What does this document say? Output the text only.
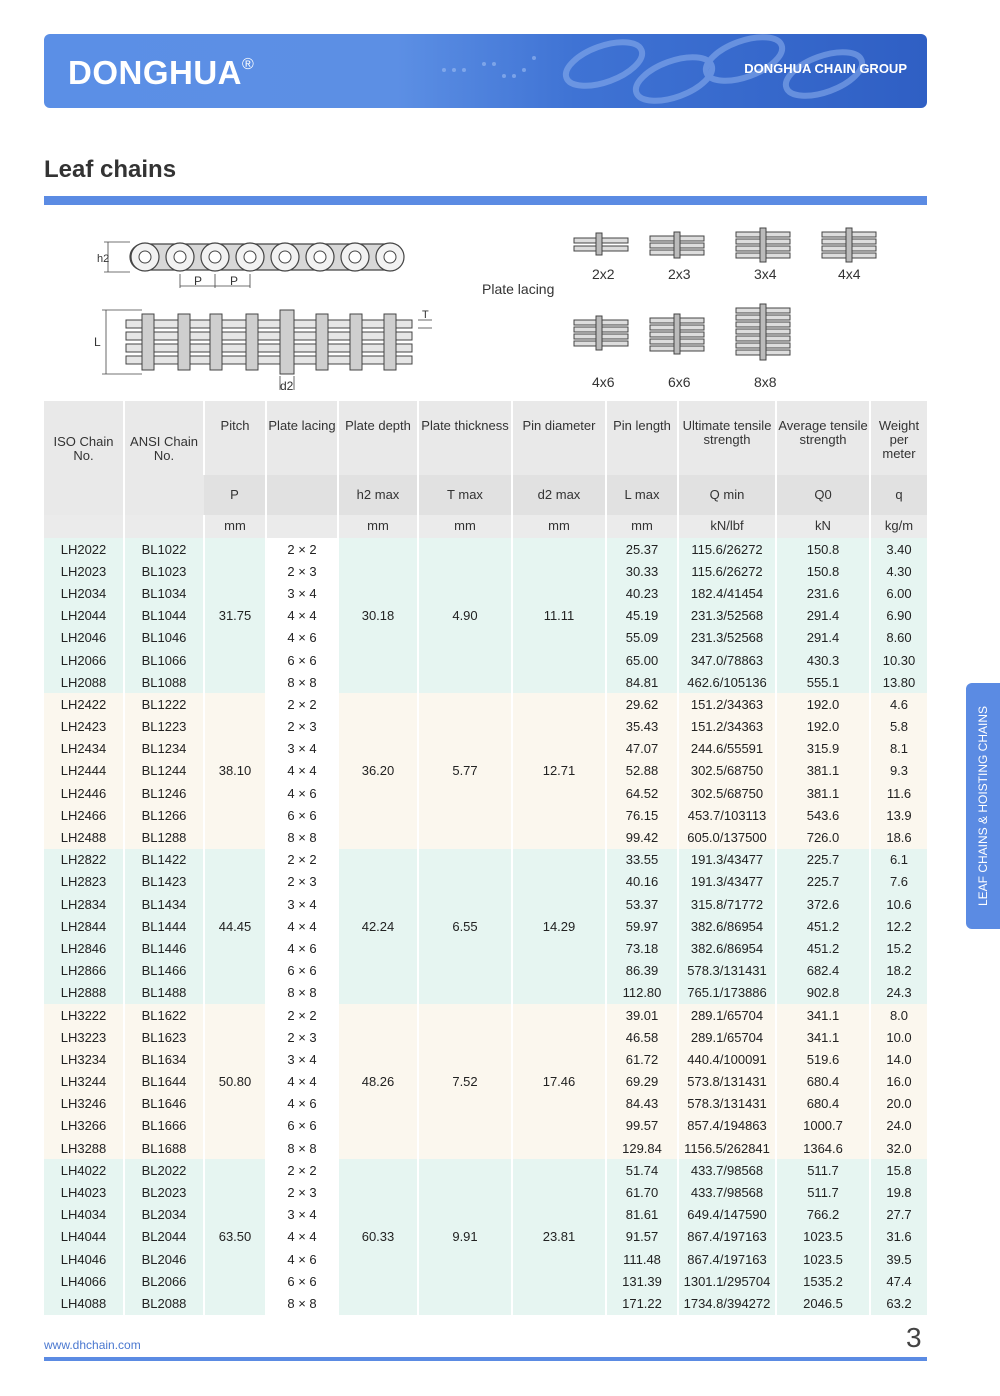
DONGHUA®	DONGHUA CHAIN GROUP
Leaf chains
h2
P P
L
d2
T
Plate lacing
2x2	2x3	3x4	4x4
4x6	6x6	8x8
ISO Chain No.	ANSI Chain No.	Pitch	Plate lacing	Plate depth	Plate thickness	Pin diameter	Pin length	Ultimate tensile strength	Average tensile strength	Weight per meter
		P		h2 max	T max	d2 max	L max	Q min	Q0	q
		mm		mm	mm	mm	mm	kN/lbf	kN	kg/m
LH2022	BL1022	31.75	2 × 2	30.18	4.90	11.11	25.37	115.6/26272	150.8	3.40
LH2023	BL1023		2 × 3				30.33	115.6/26272	150.8	4.30
LH2034	BL1034		3 × 4				40.23	182.4/41454	231.6	6.00
LH2044	BL1044		4 × 4				45.19	231.3/52568	291.4	6.90
LH2046	BL1046		4 × 6				55.09	231.3/52568	291.4	8.60
LH2066	BL1066		6 × 6				65.00	347.0/78863	430.3	10.30
LH2088	BL1088		8 × 8				84.81	462.6/105136	555.1	13.80
LH2422	BL1222	38.10	2 × 2	36.20	5.77	12.71	29.62	151.2/34363	192.0	4.6
LH2423	BL1223		2 × 3				35.43	151.2/34363	192.0	5.8
LH2434	BL1234		3 × 4				47.07	244.6/55591	315.9	8.1
LH2444	BL1244		4 × 4				52.88	302.5/68750	381.1	9.3
LH2446	BL1246		4 × 6				64.52	302.5/68750	381.1	11.6
LH2466	BL1266		6 × 6				76.15	453.7/103113	543.6	13.9
LH2488	BL1288		8 × 8				99.42	605.0/137500	726.0	18.6
LH2822	BL1422	44.45	2 × 2	42.24	6.55	14.29	33.55	191.3/43477	225.7	6.1
LH2823	BL1423		2 × 3				40.16	191.3/43477	225.7	7.6
LH2834	BL1434		3 × 4				53.37	315.8/71772	372.6	10.6
LH2844	BL1444		4 × 4				59.97	382.6/86954	451.2	12.2
LH2846	BL1446		4 × 6				73.18	382.6/86954	451.2	15.2
LH2866	BL1466		6 × 6				86.39	578.3/131431	682.4	18.2
LH2888	BL1488		8 × 8				112.80	765.1/173886	902.8	24.3
LH3222	BL1622	50.80	2 × 2	48.26	7.52	17.46	39.01	289.1/65704	341.1	8.0
LH3223	BL1623		2 × 3				46.58	289.1/65704	341.1	10.0
LH3234	BL1634		3 × 4				61.72	440.4/100091	519.6	14.0
LH3244	BL1644		4 × 4				69.29	573.8/131431	680.4	16.0
LH3246	BL1646		4 × 6				84.43	578.3/131431	680.4	20.0
LH3266	BL1666		6 × 6				99.57	857.4/194863	1000.7	24.0
LH3288	BL1688		8 × 8				129.84	1156.5/262841	1364.6	32.0
LH4022	BL2022	63.50	2 × 2	60.33	9.91	23.81	51.74	433.7/98568	511.7	15.8
LH4023	BL2023		2 × 3				61.70	433.7/98568	511.7	19.8
LH4034	BL2034		3 × 4				81.61	649.4/147590	766.2	27.7
LH4044	BL2044		4 × 4				91.57	867.4/197163	1023.5	31.6
LH4046	BL2046		4 × 6				111.48	867.4/197163	1023.5	39.5
LH4066	BL2066		6 × 6				131.39	1301.1/295704	1535.2	47.4
LH4088	BL2088		8 × 8				171.22	1734.8/394272	2046.5	63.2
LEAF CHAINS & HOISTING CHAINS
www.dhchain.com	3
